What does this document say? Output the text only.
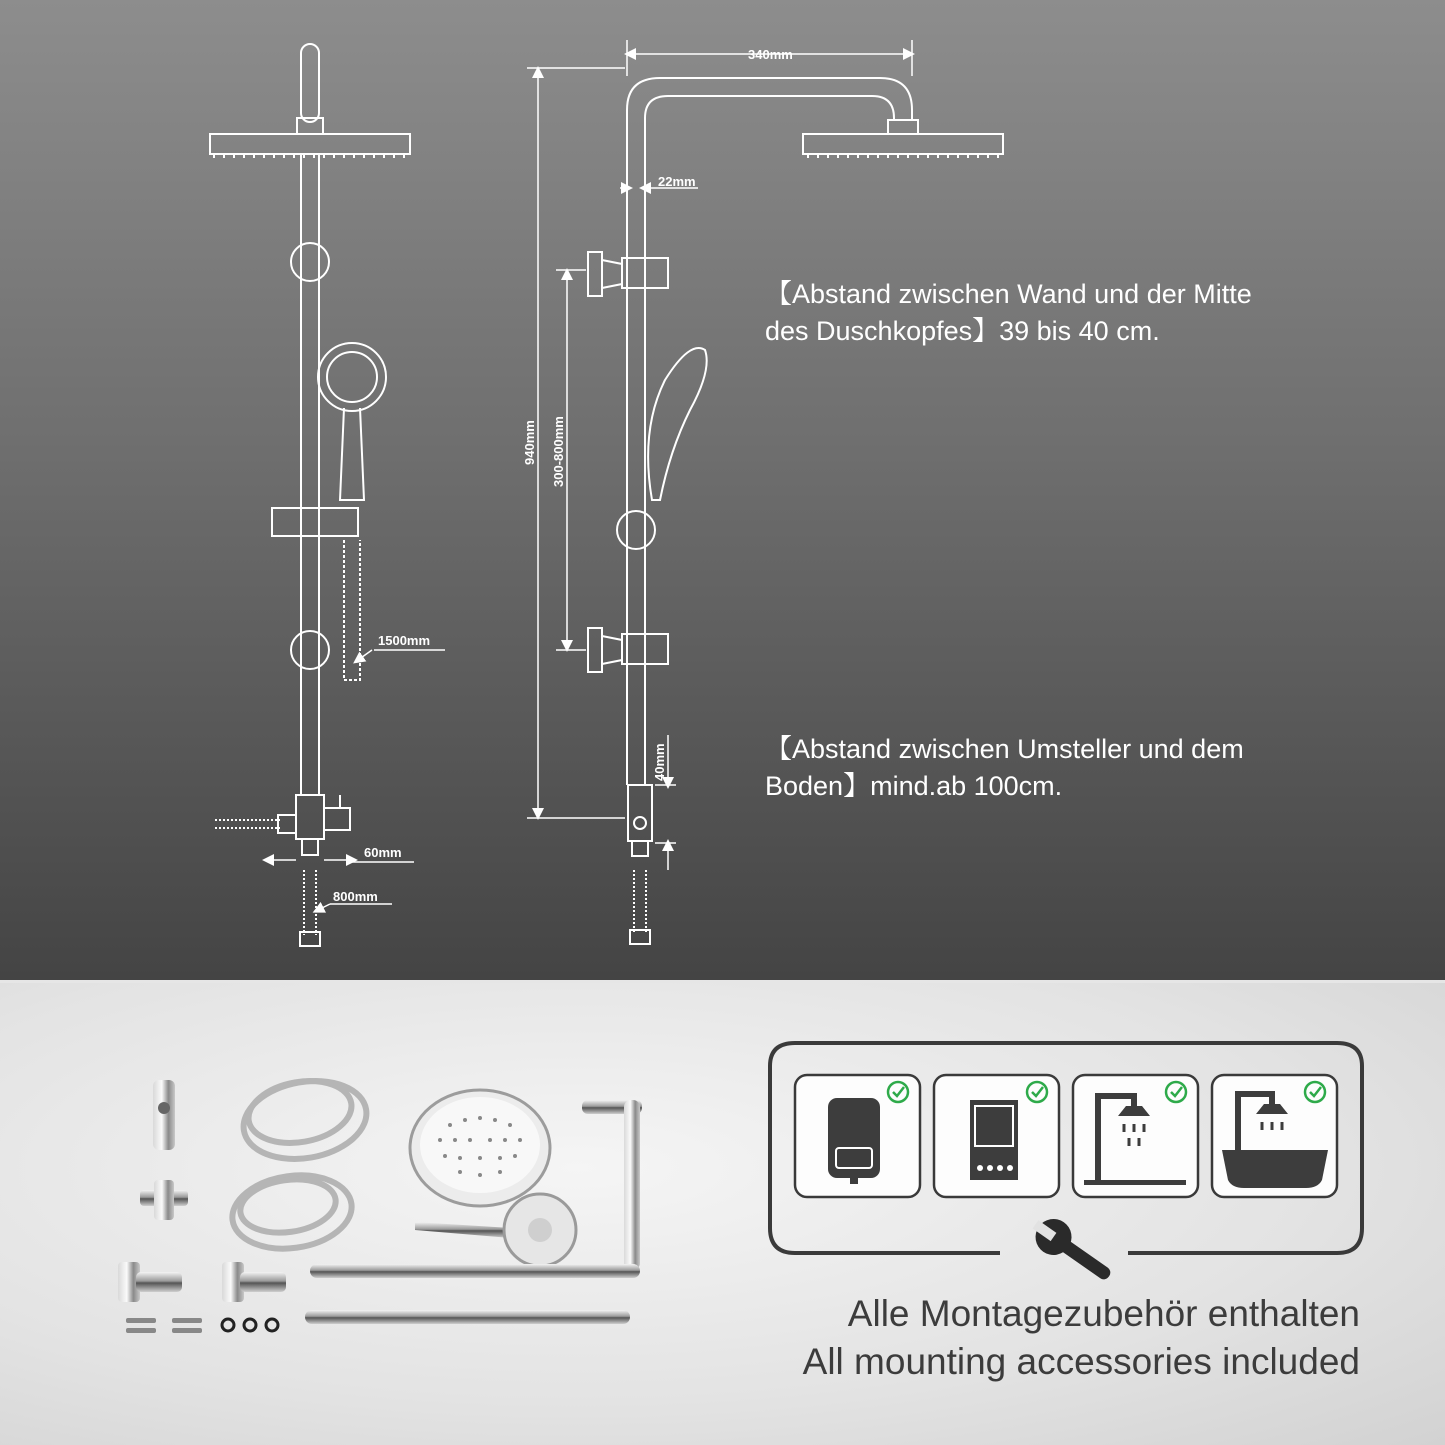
1500mm
60mm
800mm
340mm
22mm
940mm 300-800mm
40mm
【Abstand zwischen Wand und der Mitte
des Duschkopfes】39 bis 40 cm.
【Abstand zwischen Umsteller und dem
Boden】mind.ab 100cm.
Alle Montagezubehör enthalten
All mounting accessories included
